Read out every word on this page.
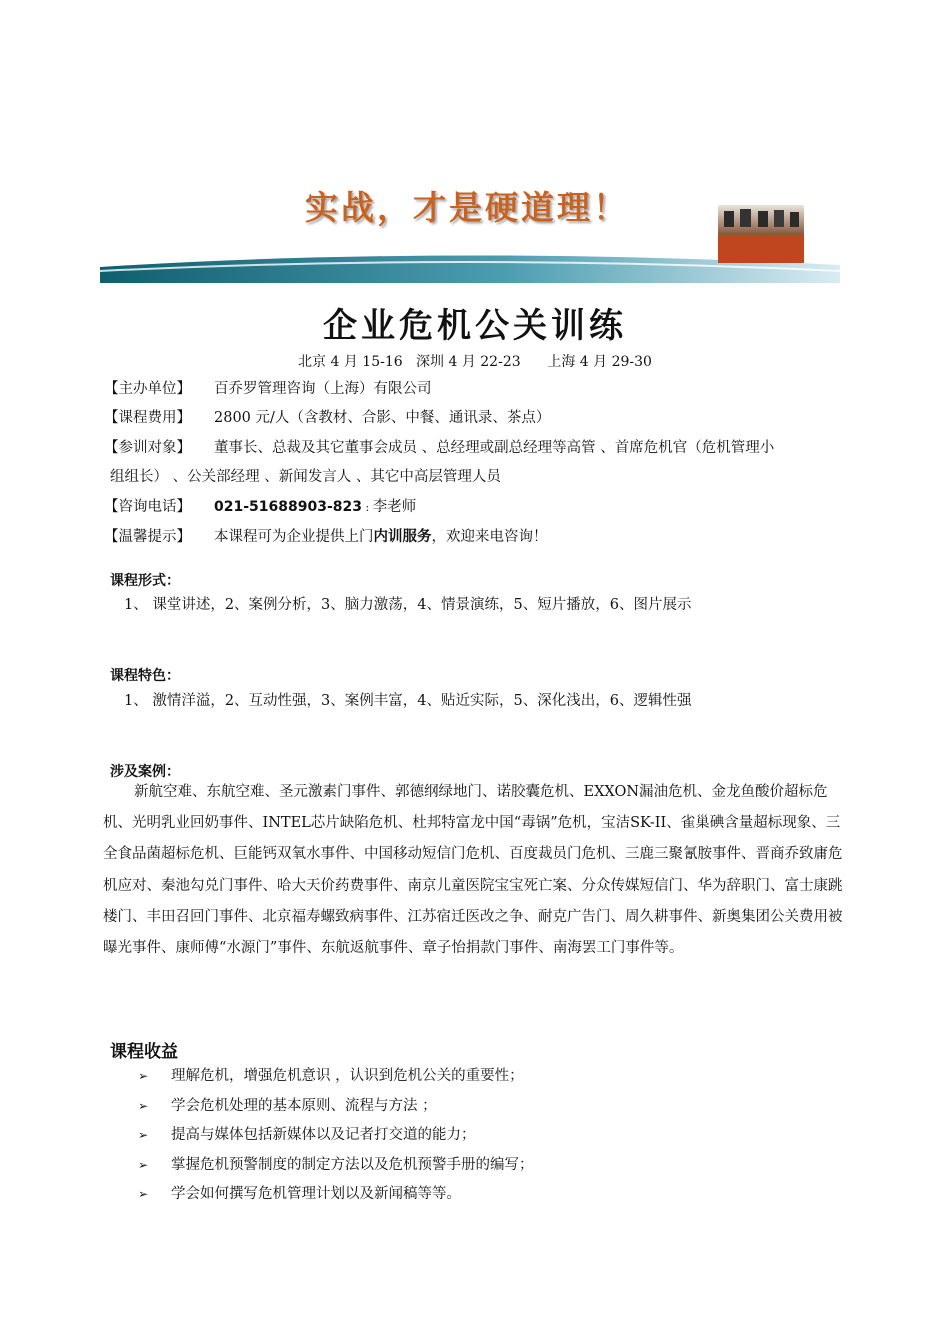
实战，才是硬道理！
企业危机公关训练
北京 4 月 15-16   深圳 4 月 22-23      上海 4 月 29-30
【主办单位】 百乔罗管理咨询（上海）有限公司
【课程费用】 2800 元/人（含教材、合影、中餐、通讯录、茶点）
【参训对象】 董事长、总裁及其它董事会成员 、总经理或副总经理等高管 、首席危机官（危机管理小
组组长） 、公关部经理 、新闻发言人 、其它中高层管理人员
【咨询电话】 021-51688903-823 : 李老师
【温馨提示】 本课程可为企业提供上门内训服务，欢迎来电咨询！
课程形式：
1、 课堂讲述，2、案例分析，3、脑力激荡，4、情景演练，5、短片播放，6、图片展示
课程特色：
1、 激情洋溢，2、互动性强，3、案例丰富，4、贴近实际，5、深化浅出，6、逻辑性强
涉及案例：
新航空难、东航空难、圣元激素门事件、郭德纲绿地门、诺胶囊危机、EXXON漏油危机、金龙鱼酸价超标危机、光明乳业回奶事件、INTEL芯片缺陷危机、杜邦特富龙中国“毒锅”危机，宝洁SK-II、雀巢碘含量超标现象、三全食品菌超标危机、巨能钙双氧水事件、中国移动短信门危机、百度裁员门危机、三鹿三聚氰胺事件、晋商乔致庸危机应对、秦池勾兑门事件、哈大天价药费事件、南京儿童医院宝宝死亡案、分众传媒短信门、华为辞职门、富士康跳楼门、丰田召回门事件、北京福寿螺致病事件、江苏宿迁医改之争、耐克广告门、周久耕事件、新奥集团公关费用被曝光事件、康师傅“水源门”事件、东航返航事件、章子怡捐款门事件、南海罢工门事件等。
课程收益
➢ 理解危机，增强危机意识 ，认识到危机公关的重要性；
➢ 学会危机处理的基本原则、流程与方法 ；
➢ 提高与媒体包括新媒体以及记者打交道的能力；
➢ 掌握危机预警制度的制定方法以及危机预警手册的编写；
➢ 学会如何撰写危机管理计划以及新闻稿等等。
